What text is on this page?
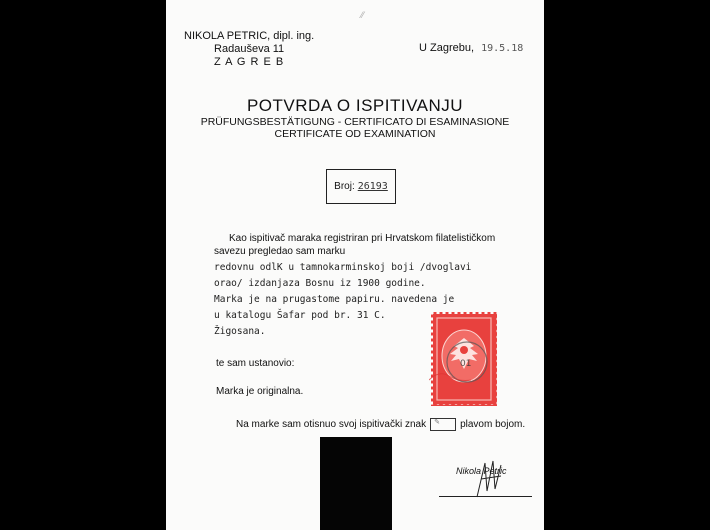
⁄⁄
NIKOLA PETRIC, dipl. ing.
Radauševa 11
Z A G R E B
U Zagrebu, 19.5.18
POTVRDA O ISPITIVANJU
PRÜFUNGSBESTÄTIGUNG - CERTIFICATO DI ESAMINASIONE
CERTIFICATE OD EXAMINATION
Broj: 26193
Kao ispitivač maraka registriran pri Hrvatskom filatelističkom
savezu pregledao sam marku
redovnu odlK u tamnokarminskoj boji /dvoglavi
orao/ izdanjaza Bosnu iz 1900 godine.
Marka je na prugastome papiru. navedena je
u katalogu Šafar pod br. 31 C.
Žigosana.
01
te sam ustanovio:
Marka je originalna.
Na marke sam otisnuo svoj ispitivački znak ✎ plavom bojom.
Nikola Petric
